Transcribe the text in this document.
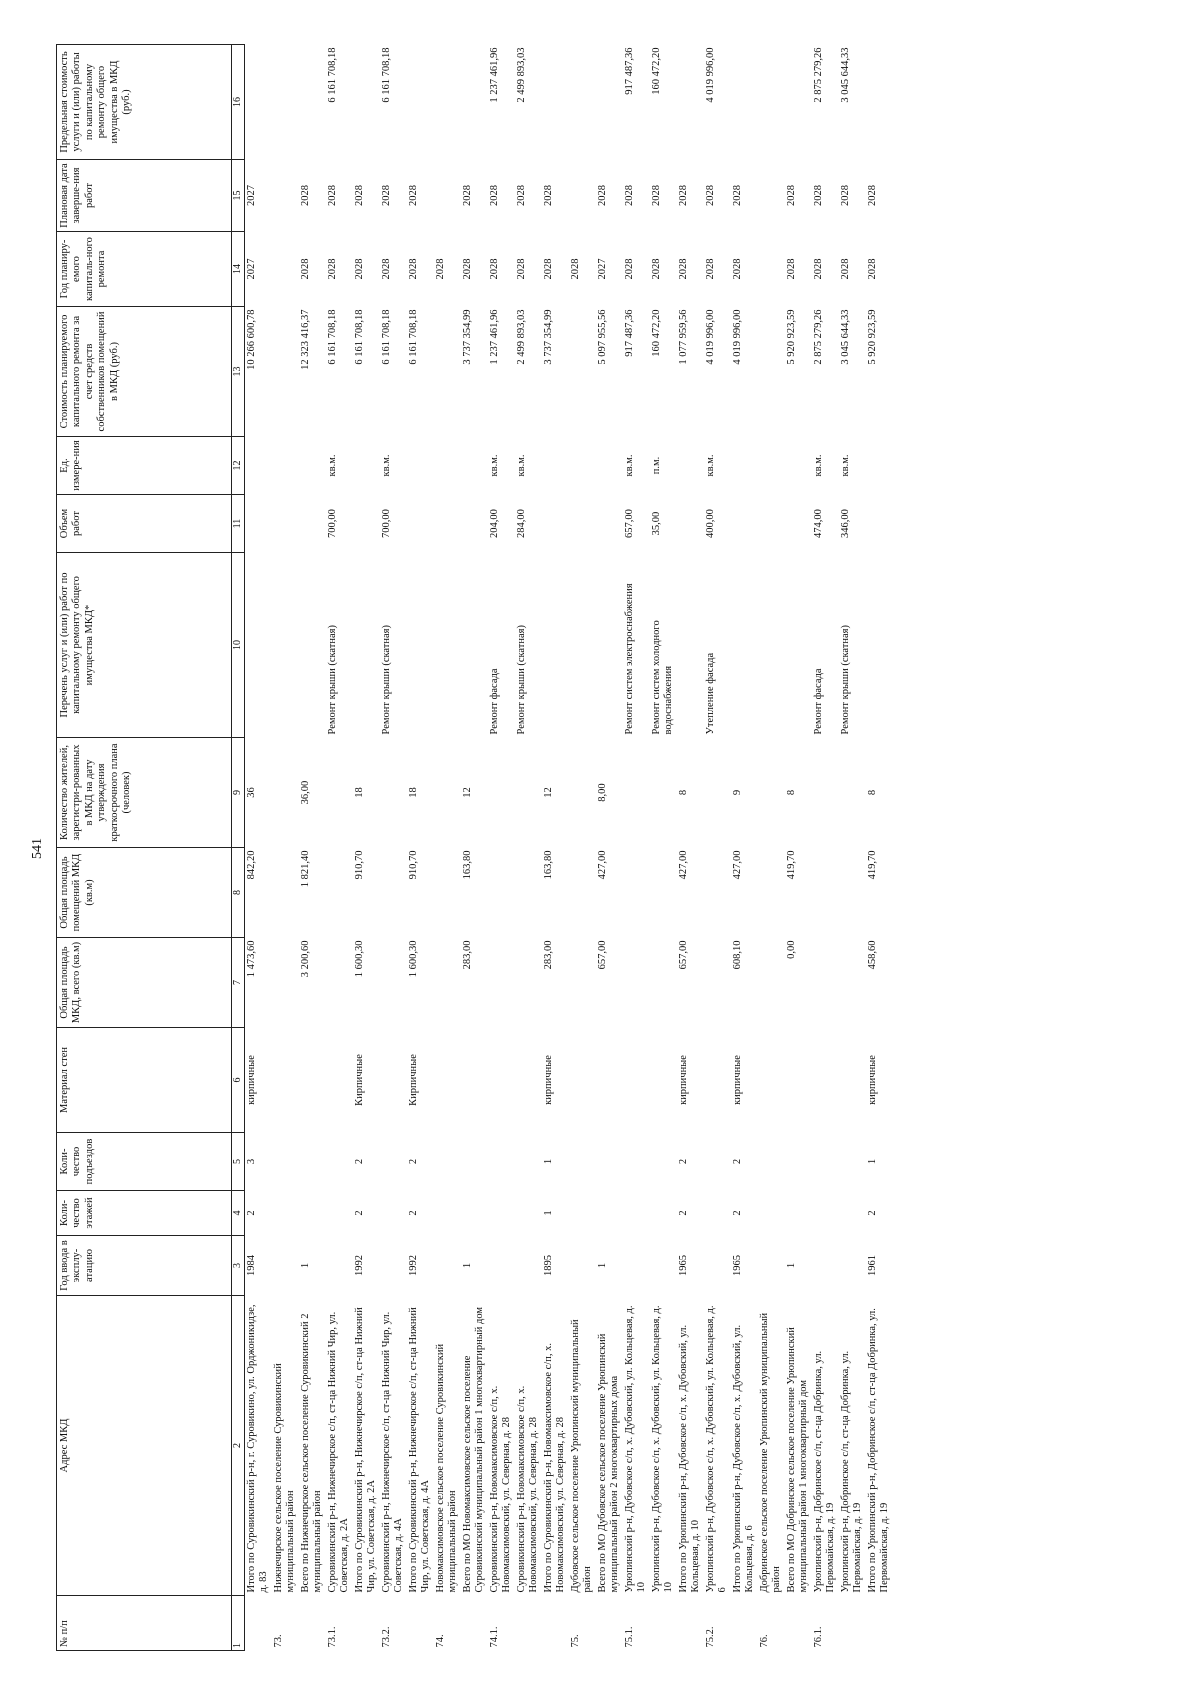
541
№ п/п	Адрес МКД	Год ввода в эксплу-атацию	Коли-чество этажей	Коли-чество подъездов	Материал стен	Общая площадь МКД, всего (кв.м)	Общая площадь помещений МКД (кв.м)	Количество жителей, зарегистри-рованных в МКД на дату утверждения краткосрочного плана (человек)	Перечень услуг и (или) работ по капитальному ремонту общего имущества МКД*	Объем работ	Ед. измере-ния	Стоимость планируемого капитального ремонта за счет средств собственников помещений в МКД (руб.)	Год планиру-емого капиталь-ного ремонта	Плановая дата заверше-ния работ	Предельная стоимость услуги и (или) работы по капитальному ремонту общего имущества в МКД (руб.)
1	2	3	4	5	6	7	8	9	10	11	12	13	14	15	16
	Итого по Суровикинский р-н, г. Суровикино, ул. Орджоникидзе, д. 83	1984	2	3	кирпичные	1 473,60	842,20	36				10 266 600,78	2027	2027	
73.	Нижнечирское сельское поселение Суровикинский муниципальный район														
	Всего по Нижнечирское сельское поселение Суровикинский 2 муниципальный район	1				3 200,60	1 821,40	36,00				12 323 416,37	2028	2028	
73.1.	Суровикинский р-н, Нижнечирское с/п, ст-ца Нижний Чир, ул. Советская, д. 2А								Ремонт крыши (скатная)	700,00	кв.м.	6 161 708,18	2028	2028	6 161 708,18
	Итого по Суровикинский р-н, Нижнечирское с/п, ст-ца Нижний Чир, ул. Советская, д. 2А	1992	2	2	Кирпичные	1 600,30	910,70	18				6 161 708,18	2028	2028	
73.2.	Суровикинский р-н, Нижнечирское с/п, ст-ца Нижний Чир, ул. Советская, д. 4А								Ремонт крыши (скатная)	700,00	кв.м.	6 161 708,18	2028	2028	6 161 708,18
	Итого по Суровикинский р-н, Нижнечирское с/п, ст-ца Нижний Чир, ул. Советская, д. 4А	1992	2	2	Кирпичные	1 600,30	910,70	18				6 161 708,18	2028	2028	
74.	Новомаксимовское сельское поселение Суровикинский муниципальный район												2028		
	Всего по МО Новомаксимовское сельское поселение Суровикинский муниципальный район 1 многоквартирный дом	1				283,00	163,80	12				3 737 354,99	2028	2028	
74.1.	Суровикинский р-н, Новомаксимовское с/п, х. Новомаксимовский, ул. Северная, д. 28								Ремонт фасада	204,00	кв.м.	1 237 461,96	2028	2028	1 237 461,96
	Суровикинский р-н, Новомаксимовское с/п, х. Новомаксимовский, ул. Северная, д. 28								Ремонт крыши (скатная)	284,00	кв.м.	2 499 893,03	2028	2028	2 499 893,03
	Итого по Суровикинский р-н, Новомаксимовское с/п, х. Новомаксимовский, ул. Северная, д. 28	1895	1	1	кирпичные	283,00	163,80	12				3 737 354,99	2028	2028	
75.	Дубовское сельское поселение Урюпинский муниципальный район												2028		
	Всего по МО Дубовское сельское поселение Урюпинский муниципальный район 2 многоквартирных дома	1				657,00	427,00	8,00				5 097 955,56	2027	2028	
75.1.	Урюпинский р-н, Дубовское с/п, х. Дубовский, ул. Кольцевая, д. 10								Ремонт систем электроснабжения	657,00	кв.м.	917 487,36	2028	2028	917 487,36
	Урюпинский р-н, Дубовское с/п, х. Дубовский, ул. Кольцевая, д. 10								Ремонт систем холодного водоснабжения	35,00	п.м.	160 472,20	2028	2028	160 472,20
	Итого по Урюпинский р-н, Дубовское с/п, х. Дубовский, ул. Кольцевая, д. 10	1965	2	2	кирпичные	657,00	427,00	8				1 077 959,56	2028	2028	
75.2.	Урюпинский р-н, Дубовское с/п, х. Дубовский, ул. Кольцевая, д. 6								Утепление фасада	400,00	кв.м.	4 019 996,00	2028	2028	4 019 996,00
	Итого по Урюпинский р-н, Дубовское с/п, х. Дубовский, ул. Кольцевая, д. 6	1965	2	2	кирпичные	608,10	427,00	9				4 019 996,00	2028	2028	
76.	Добринское сельское поселение Урюпинский муниципальный район														
	Всего по МО Добринское сельское поселение Урюпинский муниципальный район 1 многоквартирный дом	1				0,00	419,70	8				5 920 923,59	2028	2028	
76.1.	Урюпинский р-н, Добринское с/п, ст-ца Добринка, ул. Первомайская, д. 19								Ремонт фасада	474,00	кв.м.	2 875 279,26	2028	2028	2 875 279,26
	Урюпинский р-н, Добринское с/п, ст-ца Добринка, ул. Первомайская, д. 19								Ремонт крыши (скатная)	346,00	кв.м.	3 045 644,33	2028	2028	3 045 644,33
	Итого по Урюпинский р-н, Добринское с/п, ст-ца Добринка, ул. Первомайская, д. 19	1961	2	1	кирпичные	458,60	419,70	8				5 920 923,59	2028	2028	
